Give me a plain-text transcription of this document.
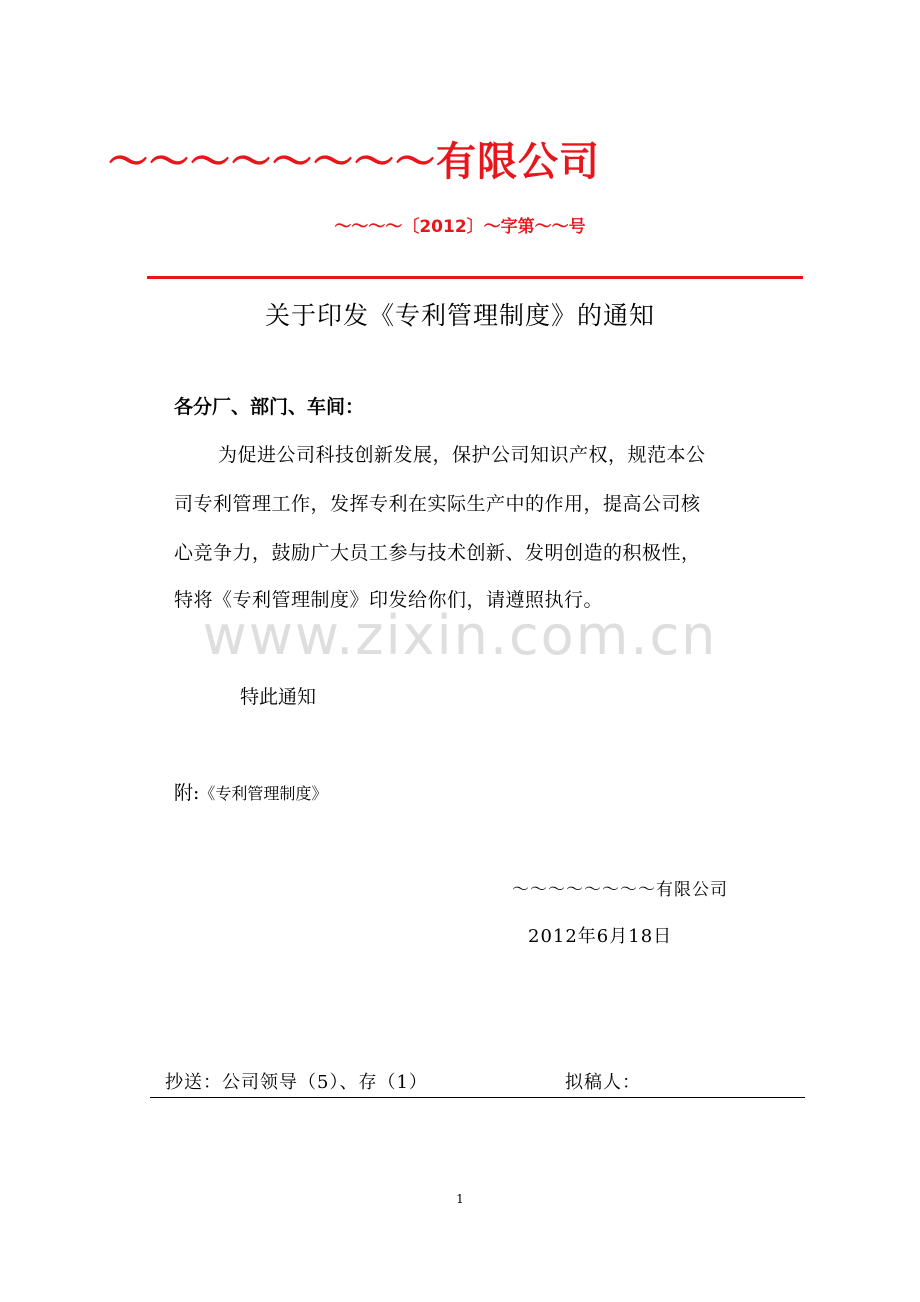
～～～～～～～～有限公司
～～～～〔2012〕～字第～～号
关于印发《专利管理制度》的通知
各分厂、部门、车间：
为促进公司科技创新发展，保护公司知识产权，规范本公
司专利管理工作，发挥专利在实际生产中的作用，提高公司核
心竞争力，鼓励广大员工参与技术创新、发明创造的积极性，
特将《专利管理制度》印发给你们，请遵照执行。
www.zixin.com.cn
特此通知
附:《专利管理制度》
～～～～～～～～有限公司
2012年6月18日
抄送：公司领导（5）、存（1）	拟稿人：
1
